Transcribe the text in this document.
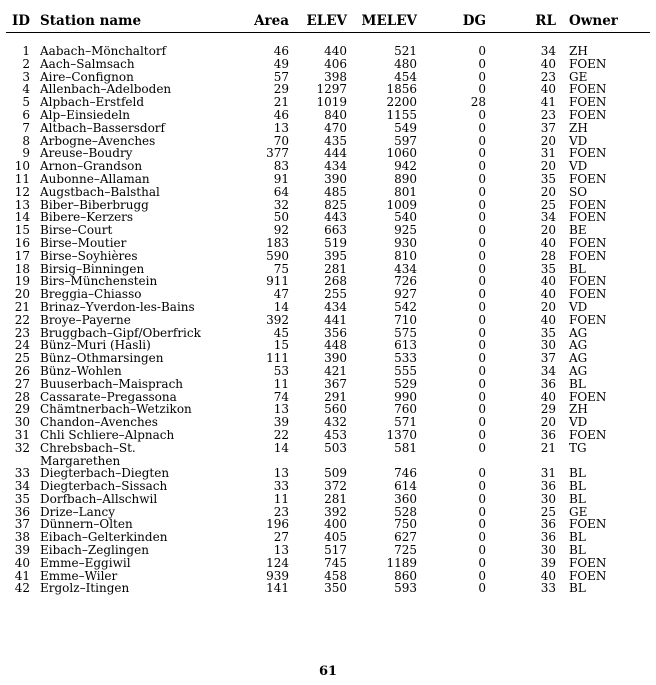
ID	Station name	Area	ELEV	MELEV	DG	RL	Owner

1	Aabach–Mönchaltorf	46	440	521	0	34	ZH
2	Aach–Salmsach	49	406	480	0	40	FOEN
3	Aire–Confignon	57	398	454	0	23	GE
4	Allenbach–Adelboden	29	1297	1856	0	40	FOEN
5	Alpbach–Erstfeld	21	1019	2200	28	41	FOEN
6	Alp–Einsiedeln	46	840	1155	0	23	FOEN
7	Altbach–Bassersdorf	13	470	549	0	37	ZH
8	Arbogne–Avenches	70	435	597	0	20	VD
9	Areuse–Boudry	377	444	1060	0	31	FOEN
10	Arnon–Grandson	83	434	942	0	20	VD
11	Aubonne–Allaman	91	390	890	0	35	FOEN
12	Augstbach–Balsthal	64	485	801	0	20	SO
13	Biber–Biberbrugg	32	825	1009	0	25	FOEN
14	Bibere–Kerzers	50	443	540	0	34	FOEN
15	Birse–Court	92	663	925	0	20	BE
16	Birse–Moutier	183	519	930	0	40	FOEN
17	Birse–Soyhières	590	395	810	0	28	FOEN
18	Birsig–Binningen	75	281	434	0	35	BL
19	Birs–Münchenstein	911	268	726	0	40	FOEN
20	Breggia–Chiasso	47	255	927	0	40	FOEN
21	Brinaz–Yverdon-les-Bains	14	434	542	0	20	VD
22	Broye–Payerne	392	441	710	0	40	FOEN
23	Bruggbach–Gipf/Oberfrick	45	356	575	0	35	AG
24	Bünz–Muri (Hasli)	15	448	613	0	30	AG
25	Bünz–Othmarsingen	111	390	533	0	37	AG
26	Bünz–Wohlen	53	421	555	0	34	AG
27	Buuserbach–Maisprach	11	367	529	0	36	BL
28	Cassarate–Pregassona	74	291	990	0	40	FOEN
29	Chämtnerbach–Wetzikon	13	560	760	0	29	ZH
30	Chandon–Avenches	39	432	571	0	20	VD
31	Chli Schliere–Alpnach	22	453	1370	0	36	FOEN
32	Chrebsbach–St. Margarethen	14	503	581	0	21	TG
33	Diegterbach–Diegten	13	509	746	0	31	BL
34	Diegterbach–Sissach	33	372	614	0	36	BL
35	Dorfbach–Allschwil	11	281	360	0	30	BL
36	Drize–Lancy	23	392	528	0	25	GE
37	Dünnern–Olten	196	400	750	0	36	FOEN
38	Eibach–Gelterkinden	27	405	627	0	36	BL
39	Eibach–Zeglingen	13	517	725	0	30	BL
40	Emme–Eggiwil	124	745	1189	0	39	FOEN
41	Emme–Wiler	939	458	860	0	40	FOEN
42	Ergolz–Itingen	141	350	593	0	33	BL
61
